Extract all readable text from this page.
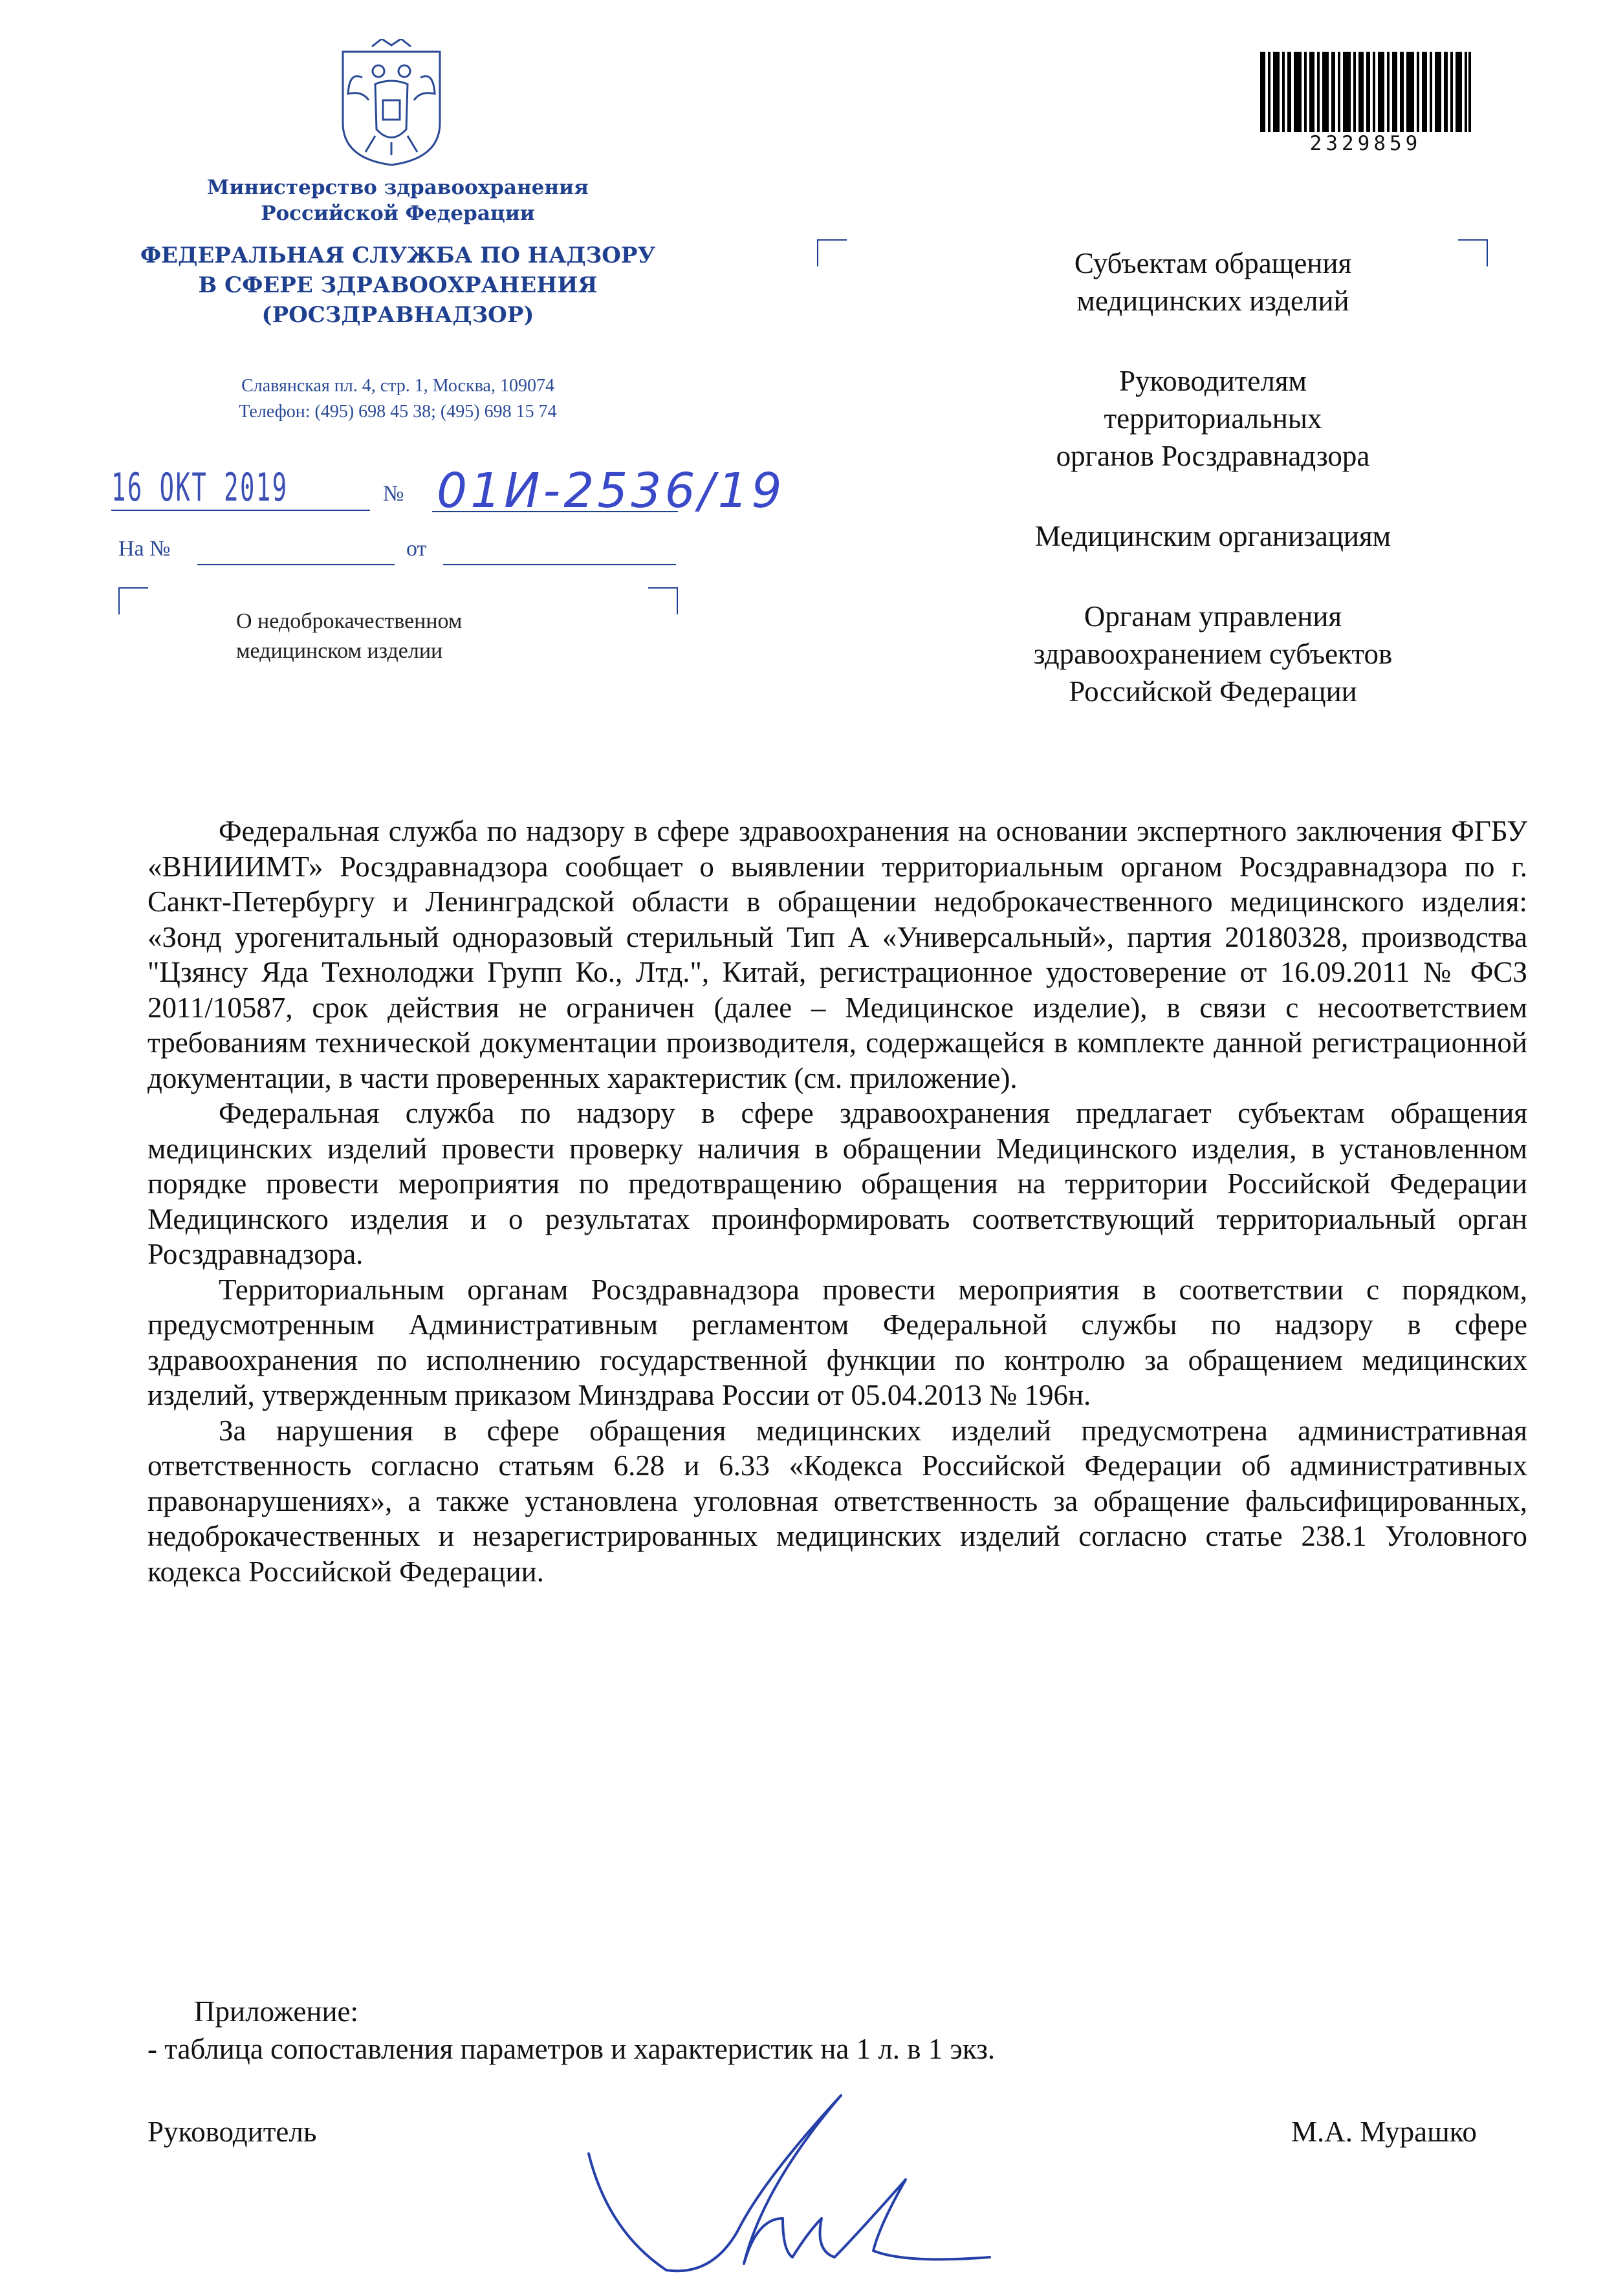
Министерство здравоохранения
Российской Федерации
ФЕДЕРАЛЬНАЯ СЛУЖБА ПО НАДЗОРУ
В СФЕРЕ ЗДРАВООХРАНЕНИЯ
(РОСЗДРАВНАДЗОР)
Славянская пл. 4, стр. 1, Москва, 109074
Телефон: (495) 698 45 38; (495) 698 15 74
16 ОКТ 2019	№ 01И-2536/19
На №	от
О недоброкачественном
медицинском изделии
2329859
Субъектам обращения
медицинских изделий
Руководителям
территориальных
органов Росздравнадзора
Медицинским организациям
Органам управления
здравоохранением субъектов
Российской Федерации

Федеральная служба по надзору в сфере здравоохранения на основании экспертного заключения ФГБУ «ВНИИИМТ» Росздравнадзора сообщает о выявлении территориальным органом Росздравнадзора по г. Санкт-Петербургу и Ленинградской области в обращении недоброкачественного медицинского изделия: «Зонд урогенитальный одноразовый стерильный Тип А «Универсальный», партия 20180328, производства "Цзянсу Яда Технолоджи Групп Ко., Лтд.", Китай, регистрационное удостоверение от 16.09.2011 № ФСЗ 2011/10587, срок действия не ограничен (далее – Медицинское изделие), в связи с несоответствием требованиям технической документации производителя, содержащейся в комплекте данной регистрационной документации, в части проверенных характеристик (см. приложение).

Федеральная служба по надзору в сфере здравоохранения предлагает субъектам обращения медицинских изделий провести проверку наличия в обращении Медицинского изделия, в установленном порядке провести мероприятия по предотвращению обращения на территории Российской Федерации Медицинского изделия и о результатах проинформировать соответствующий территориальный орган Росздравнадзора.

Территориальным органам Росздравнадзора провести мероприятия в соответствии с порядком, предусмотренным Административным регламентом Федеральной службы по надзору в сфере здравоохранения по исполнению государственной функции по контролю за обращением медицинских изделий, утвержденным приказом Минздрава России от 05.04.2013 № 196н.

За нарушения в сфере обращения медицинских изделий предусмотрена административная ответственность согласно статьям 6.28 и 6.33 «Кодекса Российской Федерации об административных правонарушениях», а также установлена уголовная ответственность за обращение фальсифицированных, недоброкачественных и незарегистрированных медицинских изделий согласно статье 238.1 Уголовного кодекса Российской Федерации.

Приложение:
- таблица сопоставления параметров и характеристик на 1 л. в 1 экз.
Руководитель	М.А. Мурашко
